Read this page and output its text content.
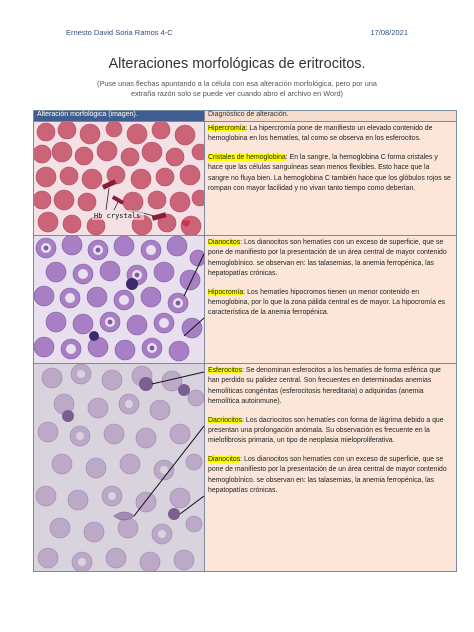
Ernesto David Soria Ramos 4-C	17/08/2021
Alteraciones morfológicas de eritrocitos.
(Puse unas flechas apuntando a la célula con esa alteración morfológica, pero por una extraña razón solo se puede ver cuando abro el archivo en Word)
Alteración morfológica (imagen).	Diagnóstico de alteración.

Hb crystals	Hipercromía: La hipercromía pone de manifiesto un elevado contenido de hemoglobina en los hematíes, tal como se observa en los esferocitos.
Cristales de hemoglobina: En la sangre, la hemoglobina C forma cristales y hace que las células sanguíneas sean menos flexibles. Esto hace que la sangre no fluya bien. La hemoglobina C también hace que los glóbulos rojos se rompan con mayor facilidad y no vivan tanto tiempo como deberían.

Dianocitos: Los dianocitos son hematíes con un exceso de superficie, que se pone de manifiesto por la presentación de un área central de mayor contenido hemoglobínico. se observan en: las talasemias, la anemia ferropénica, las hepatopatías crónicas.
Hipocromía: Los hematíes hipocromos tienen un menor contenido en hemoglobina, por lo que la zona pálida central es de mayor. La hipocromía es característica de la anemia ferropénica.

Esferocitos: Se denominan esferocitos a los hematíes de forma esférica que han perdido su palidez central. Son frecuentes en determinadas anemias hemolíticas congénitas (esferocitosis hereditaria) o adquiridas (anemia hemolítica autoinmune).
Dacriocitos: Los dacriocitos son hematíes con forma de lágrima debido a que presentan una prolongación anómala. Su observación es frecuente en la mielofibrosis primaria, un tipo de neoplasia mieloproliferativa.
Dianocitos: Los dianocitos son hematíes con un exceso de superficie, que se pone de manifiesto por la presentación de un área central de mayor contenido hemoglobínico. se observan en: las talasemias, la anemia ferropénica, las hepatopatías crónicas.
